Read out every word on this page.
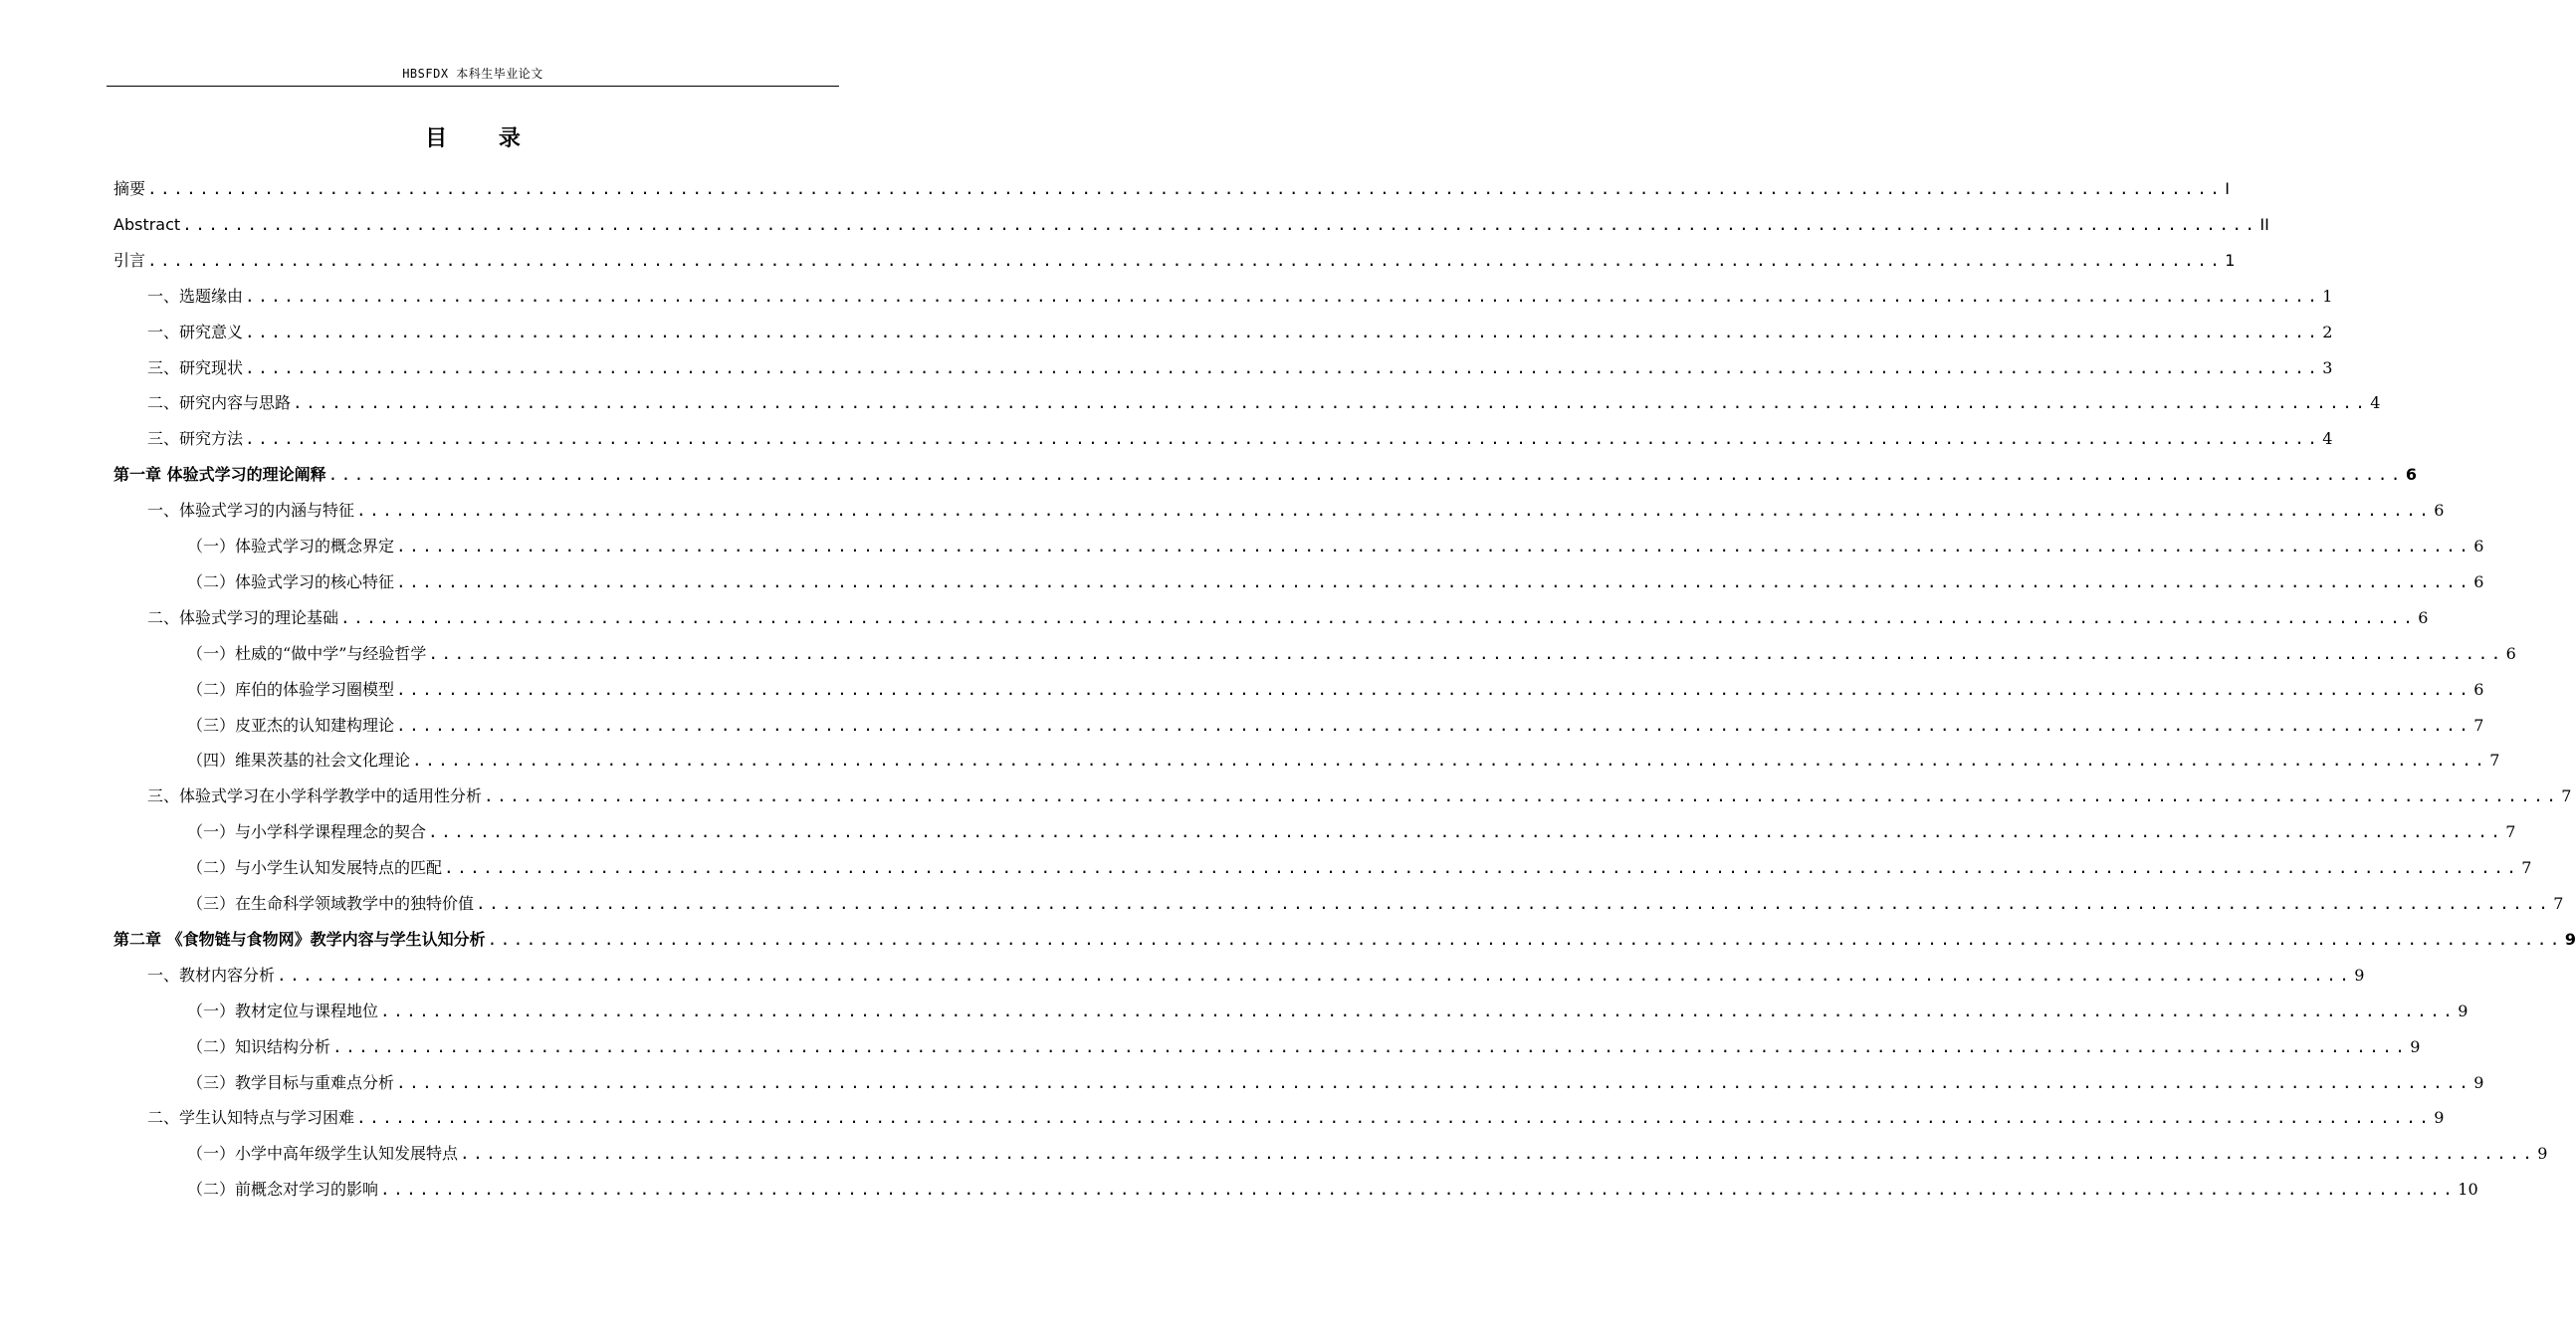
HBSFDX 本科生毕业论文
目 录
摘要 ................................................................................................................................................................ I
Abstract ................................................................................................................................................................ II
引言 ................................................................................................................................................................ 1
一、 选题缘由 ................................................................................................................................................................ 1
一、 研究意义 ................................................................................................................................................................ 2
三、 研究现状 ................................................................................................................................................................ 3
二、 研究内容与思路 ................................................................................................................................................................ 4
三、 研究方法 ................................................................................................................................................................ 4
第一章 体验式学习的理论阐释 ................................................................................................................................................................ 6
一、 体验式学习的内涵与特征 ................................................................................................................................................................ 6
（一） 体验式学习的概念界定 ................................................................................................................................................................ 6
（二） 体验式学习的核心特征 ................................................................................................................................................................ 6
二、 体验式学习的理论基础 ................................................................................................................................................................ 6
（一） 杜威的“做中学”与经验哲学 ................................................................................................................................................................ 6
（二） 库伯的体验学习圈模型 ................................................................................................................................................................ 6
（三） 皮亚杰的认知建构理论 ................................................................................................................................................................ 7
（四） 维果茨基的社会文化理论 ................................................................................................................................................................ 7
三、 体验式学习在小学科学教学中的适用性分析 ................................................................................................................................................................ 7
（一） 与小学科学课程理念的契合 ................................................................................................................................................................ 7
（二） 与小学生认知发展特点的匹配 ................................................................................................................................................................ 7
（三） 在生命科学领域教学中的独特价值 ................................................................................................................................................................ 7
第二章 《食物链与食物网》教学内容与学生认知分析 ................................................................................................................................................................ 9
一、 教材内容分析 ................................................................................................................................................................ 9
（一） 教材定位与课程地位 ................................................................................................................................................................ 9
（二） 知识结构分析 ................................................................................................................................................................ 9
（三） 教学目标与重难点分析 ................................................................................................................................................................ 9
二、 学生认知特点与学习困难 ................................................................................................................................................................ 9
（一） 小学中高年级学生认知发展特点 ................................................................................................................................................................ 9
（二） 前概念对学习的影响 ................................................................................................................................................................ 10
